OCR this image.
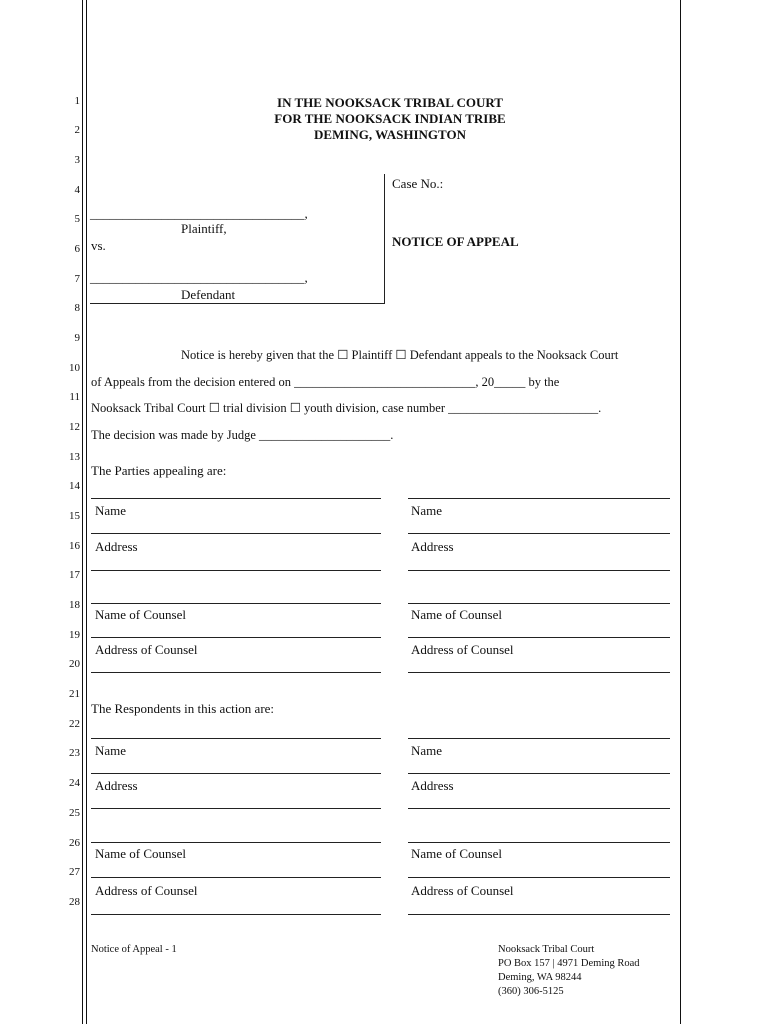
1
2
3
4
5
6
7
8
9
10
11
12
13
14
15
16
17
18
19
20
21
22
23
24
25
26
27
28
IN THE NOOKSACK TRIBAL COURT
FOR THE NOOKSACK INDIAN TRIBE
DEMING, WASHINGTON
_________________________________,
Plaintiff,
vs.
_________________________________,
Defendant
Case No.:
NOTICE OF APPEAL
Notice is hereby given that the ☐ Plaintiff ☐ Defendant appeals to the Nooksack Court
of Appeals from the decision entered on _____________________________, 20_____ by the
Nooksack Tribal Court ☐ trial division ☐ youth division, case number ________________________.
The decision was made by Judge _____________________.
The Parties appealing are:
Name
Address
Name of Counsel
Address of Counsel
Name
Address
Name of Counsel
Address of Counsel
The Respondents in this action are:
Name
Address
Name of Counsel
Address of Counsel
Name
Address
Name of Counsel
Address of Counsel
Notice of Appeal - 1	Nooksack Tribal Court
PO Box 157 | 4971 Deming Road
Deming, WA 98244
(360) 306-5125
